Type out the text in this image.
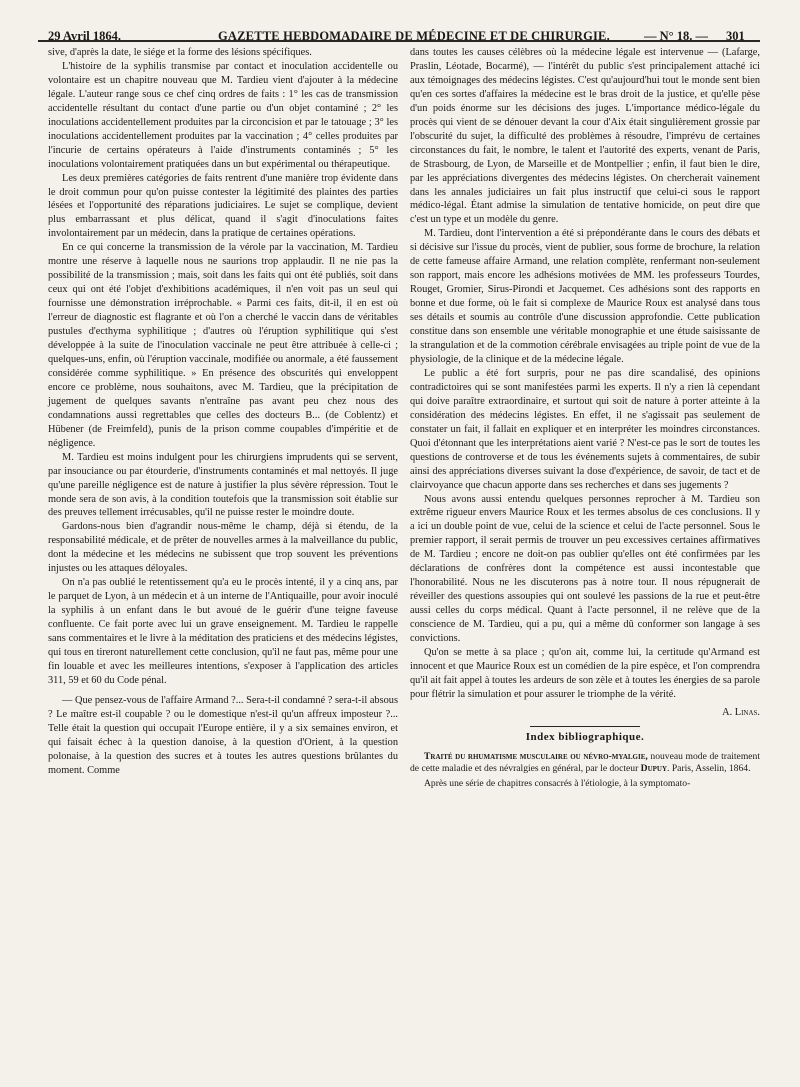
29 Avril 1864.	GAZETTE HEBDOMADAIRE DE MÉDECINE ET DE CHIRURGIE.	— N° 18. — 301

sive, d'après la date, le siége et la forme des lésions spécifiques.

L'histoire de la syphilis transmise par contact et inoculation accidentelle ou volontaire est un chapitre nouveau que M. Tardieu vient d'ajouter à la médecine légale. L'auteur range sous ce chef cinq ordres de faits : 1° les cas de transmission accidentelle résultant du contact d'une partie ou d'un objet contaminé ; 2° les inoculations accidentellement produites par la circoncision et par le tatouage ; 3° les inoculations accidentellement produites par la vaccination ; 4° celles produites par l'incurie de certains opérateurs à l'aide d'instruments contaminés ; 5° les inoculations volontairement pratiquées dans un but expérimental ou thérapeutique.

Les deux premières catégories de faits rentrent d'une manière trop évidente dans le droit commun pour qu'on puisse contester la légitimité des plaintes des parties lésées et l'opportunité des réparations judiciaires. Le sujet se complique, devient plus embarrassant et plus délicat, quand il s'agit d'inoculations faites involontairement par un médecin, dans la pratique de certaines opérations.

En ce qui concerne la transmission de la vérole par la vaccination, M. Tardieu montre une réserve à laquelle nous ne saurions trop applaudir. Il ne nie pas la possibilité de la transmission ; mais, soit dans les faits qui ont été publiés, soit dans ceux qui ont été l'objet d'exhibitions académiques, il n'en voit pas un seul qui fournisse une démonstration irréprochable. « Parmi ces faits, dit-il, il en est où l'erreur de diagnostic est flagrante et où l'on a cherché le vaccin dans de véritables pustules d'ecthyma syphilitique ; d'autres où l'éruption syphilitique qui s'est développée à la suite de l'inoculation vaccinale ne peut être attribuée à celle-ci ; quelques-uns, enfin, où l'éruption vaccinale, modifiée ou anormale, a été faussement considérée comme syphilitique. » En présence des obscurités qui enveloppent encore ce problème, nous souhaitons, avec M. Tardieu, que la précipitation de jugement de quelques savants n'entraîne pas avant peu chez nous des condamnations aussi regrettables que celles des docteurs B... (de Coblentz) et Hübener (de Freimfeld), punis de la prison comme coupables d'impéritie et de négligence.

M. Tardieu est moins indulgent pour les chirurgiens imprudents qui se servent, par insouciance ou par étourderie, d'instruments contaminés et mal nettoyés. Il juge qu'une pareille négligence est de nature à justifier la plus sévère répression. Tout le monde sera de son avis, à la condition toutefois que la transmission soit établie sur des preuves tellement irrécusables, qu'il ne puisse rester le moindre doute.

Gardons-nous bien d'agrandir nous-même le champ, déjà si étendu, de la responsabilité médicale, et de prêter de nouvelles armes à la malveillance du public, dont la médecine et les médecins ne subissent que trop souvent les préventions injustes ou les attaques déloyales.

On n'a pas oublié le retentissement qu'a eu le procès intenté, il y a cinq ans, par le parquet de Lyon, à un médecin et à un interne de l'Antiquaille, pour avoir inoculé la syphilis à un enfant dans le but avoué de le guérir d'une teigne faveuse confluente. Ce fait porte avec lui un grave enseignement. M. Tardieu le rappelle sans commentaires et le livre à la méditation des praticiens et des médecins légistes, qui tous en tireront naturellement cette conclusion, qu'il ne faut pas, même pour une fin louable et avec les meilleures intentions, s'exposer à l'application des articles 311, 59 et 60 du Code pénal.

— Que pensez-vous de l'affaire Armand ?... Sera-t-il condamné ? sera-t-il absous ? Le maître est-il coupable ? ou le domestique n'est-il qu'un affreux imposteur ?... Telle était la question qui occupait l'Europe entière, il y a six semaines environ, et qui faisait échec à la question danoise, à la question d'Orient, à la question polonaise, à la question des sucres et à toutes les autres questions brûlantes du moment. Comme

dans toutes les causes célèbres où la médecine légale est intervenue — (Lafarge, Praslin, Léotade, Bocarmé), — l'intérêt du public s'est principalement attaché ici aux témoignages des médecins légistes. C'est qu'aujourd'hui tout le monde sent bien qu'en ces sortes d'affaires la médecine est le bras droit de la justice, et qu'elle pèse d'un poids énorme sur les décisions des juges. L'importance médico-légale du procès qui vient de se dénouer devant la cour d'Aix était singulièrement grossie par l'obscurité du sujet, la difficulté des problèmes à résoudre, l'imprévu de certaines circonstances du fait, le nombre, le talent et l'autorité des experts, venant de Paris, de Strasbourg, de Lyon, de Marseille et de Montpellier ; enfin, il faut bien le dire, par les appréciations divergentes des médecins légistes. On chercherait vainement dans les annales judiciaires un fait plus instructif que celui-ci sous le rapport médico-légal. Étant admise la simulation de tentative homicide, on peut dire que c'est un type et un modèle du genre.

M. Tardieu, dont l'intervention a été si prépondérante dans le cours des débats et si décisive sur l'issue du procès, vient de publier, sous forme de brochure, la relation de cette fameuse affaire Armand, une relation complète, renfermant non-seulement son rapport, mais encore les adhésions motivées de MM. les professeurs Tourdes, Rouget, Gromier, Sirus-Pirondi et Jacquemet. Ces adhésions sont des rapports en bonne et due forme, où le fait si complexe de Maurice Roux est analysé dans tous ses détails et soumis au contrôle d'une discussion approfondie. Cette publication constitue dans son ensemble une véritable monographie et une étude saisissante de la strangulation et de la commotion cérébrale envisagées au triple point de vue de la physiologie, de la clinique et de la médecine légale.

Le public a été fort surpris, pour ne pas dire scandalisé, des opinions contradictoires qui se sont manifestées parmi les experts. Il n'y a rien là cependant qui doive paraître extraordinaire, et surtout qui soit de nature à porter atteinte à la considération des médecins légistes. En effet, il ne s'agissait pas seulement de constater un fait, il fallait en expliquer et en interpréter les moindres circonstances. Quoi d'étonnant que les interprétations aient varié ? N'est-ce pas le sort de toutes les questions de controverse et de tous les événements sujets à commentaires, de subir ainsi des appréciations diverses suivant la dose d'expérience, de savoir, de tact et de clairvoyance que chacun apporte dans ses recherches et dans ses jugements ?

Nous avons aussi entendu quelques personnes reprocher à M. Tardieu son extrême rigueur envers Maurice Roux et les termes absolus de ces conclusions. Il y a ici un double point de vue, celui de la science et celui de l'acte personnel. Sous le premier rapport, il serait permis de trouver un peu excessives certaines affirmatives de M. Tardieu ; encore ne doit-on pas oublier qu'elles ont été confirmées par les déclarations de confrères dont la compétence est aussi incontestable que l'honorabilité. Nous ne les discuterons pas à notre tour. Il nous répugnerait de réveiller des questions assoupies qui ont soulevé les passions de la rue et peut-être aussi celles du corps médical. Quant à l'acte personnel, il ne relève que de la conscience de M. Tardieu, qui a pu, qui a même dû conformer son langage à ses convictions.

Qu'on se mette à sa place ; qu'on ait, comme lui, la certitude qu'Armand est innocent et que Maurice Roux est un comédien de la pire espèce, et l'on comprendra qu'il ait fait appel à toutes les ardeurs de son zèle et à toutes les énergies de sa parole pour flétrir la simulation et pour assurer le triomphe de la vérité.

A. Linas.
Index bibliographique.

Traité du rhumatisme musculaire ou névro-myalgie, nouveau mode de traitement de cette maladie et des névralgies en général, par le docteur Dupuy. Paris, Asselin, 1864.

Après une série de chapitres consacrés à l'étiologie, à la symptomato-
